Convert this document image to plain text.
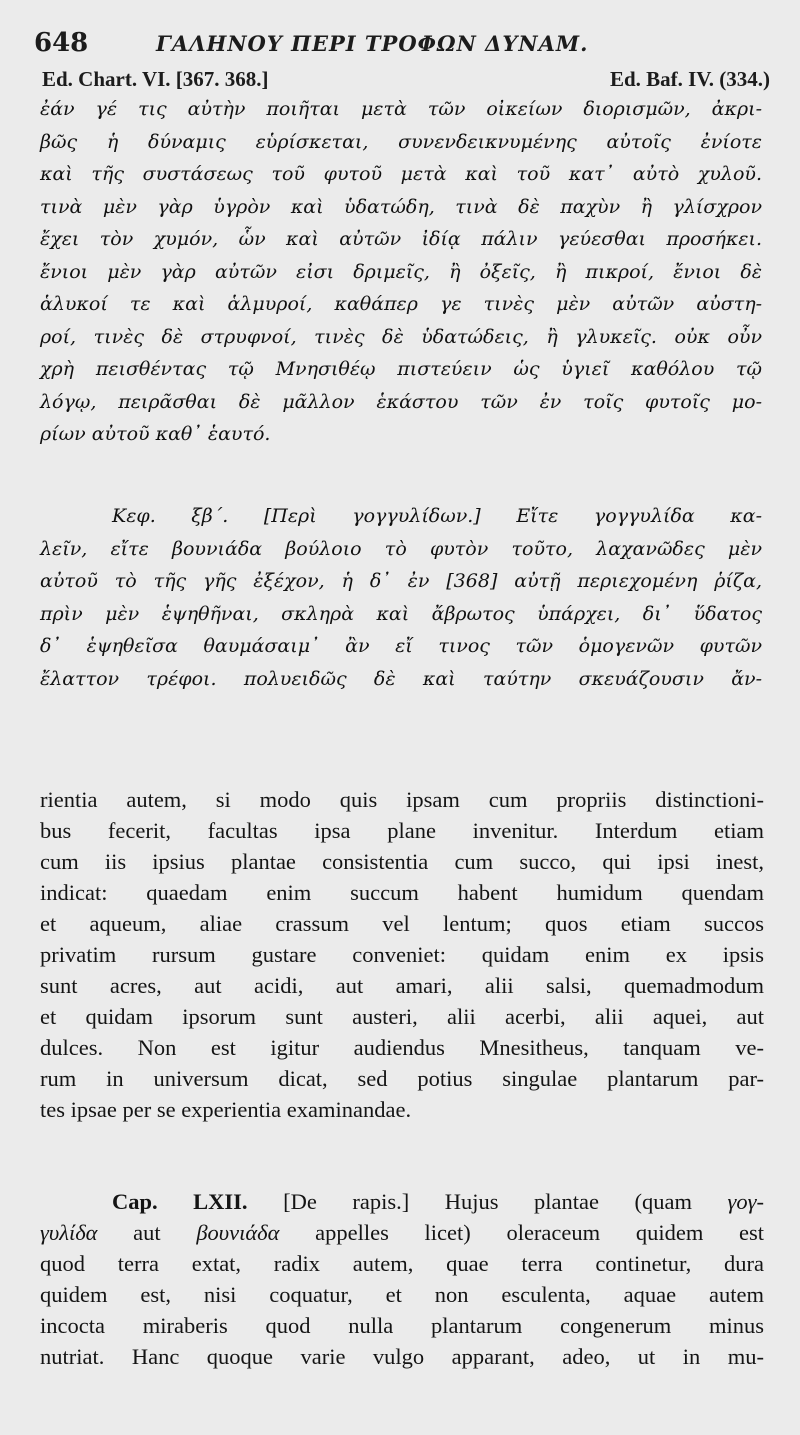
648	ΓΑΛΗΝΟΥ ΠΕΡΙ ΤΡΟΦΩΝ ΔΥΝΑΜ.
Ed. Chart. VI. [367. 368.]	Ed. Baf. IV. (334.)
ἐάν γέ τις αὐτὴν ποιῆται μετὰ τῶν οἰκείων διορισμῶν, ἀκρι-
βῶς ἡ δύναμις εὑρίσκεται, συνενδεικνυμένης αὐτοῖς ἐνίοτε
καὶ τῆς συστάσεως τοῦ φυτοῦ μετὰ καὶ τοῦ κατ᾽ αὐτὸ χυλοῦ.
τινὰ μὲν γὰρ ὑγρὸν καὶ ὑδατώδη, τινὰ δὲ παχὺν ἢ γλίσχρον
ἔχει τὸν χυμόν, ὧν καὶ αὐτῶν ἰδίᾳ πάλιν γεύεσθαι προσήκει.
ἔνιοι μὲν γὰρ αὐτῶν εἰσι δριμεῖς, ἢ ὀξεῖς, ἢ πικροί, ἔνιοι δὲ
ἁλυκοί τε καὶ ἁλμυροί, καθάπερ γε τινὲς μὲν αὐτῶν αὐστη-
ροί, τινὲς δὲ στρυφνοί, τινὲς δὲ ὑδατώδεις, ἢ γλυκεῖς. οὐκ οὖν
χρὴ πεισθέντας τῷ Μνησιθέῳ πιστεύειν ὡς ὑγιεῖ καθόλου τῷ
λόγῳ, πειρᾶσθαι δὲ μᾶλλον ἑκάστου τῶν ἐν τοῖς φυτοῖς μο-
ρίων αὐτοῦ καθ᾽ ἑαυτό.
Κεφ. ξβ΄. [Περὶ γογγυλίδων.] Εἴτε γογγυλίδα κα-
λεῖν, εἴτε βουνιάδα βούλοιο τὸ φυτὸν τοῦτο, λαχανῶδες μὲν
αὐτοῦ τὸ τῆς γῆς ἐξέχον, ἡ δ᾽ ἐν [368] αὐτῇ περιεχομένη ῥίζα,
πρὶν μὲν ἑψηθῆναι, σκληρὰ καὶ ἄβρωτος ὑπάρχει, δι᾽ ὕδατος
δ᾽ ἑψηθεῖσα θαυμάσαιμ᾽ ἂν εἴ τινος τῶν ὁμογενῶν φυτῶν
ἔλαττον τρέφοι. πολυειδῶς δὲ καὶ ταύτην σκευάζουσιν ἄν-
rientia autem, si modo quis ipsam cum propriis distinctioni-
bus fecerit, facultas ipsa plane invenitur. Interdum etiam
cum iis ipsius plantae consistentia cum succo, qui ipsi inest,
indicat: quaedam enim succum habent humidum quendam
et aqueum, aliae crassum vel lentum; quos etiam succos
privatim rursum gustare conveniet: quidam enim ex ipsis
sunt acres, aut acidi, aut amari, alii salsi, quemadmodum
et quidam ipsorum sunt austeri, alii acerbi, alii aquei, aut
dulces. Non est igitur audiendus Mnesitheus, tanquam ve-
rum in universum dicat, sed potius singulae plantarum par-
tes ipsae per se experientia examinandae.
Cap. LXII. [De rapis.] Hujus plantae (quam γογ-
γυλίδα aut βουνιάδα appelles licet) oleraceum quidem est
quod terra extat, radix autem, quae terra continetur, dura
quidem est, nisi coquatur, et non esculenta, aquae autem
incocta miraberis quod nulla plantarum congenerum minus
nutriat. Hanc quoque varie vulgo apparant, adeo, ut in mu-
